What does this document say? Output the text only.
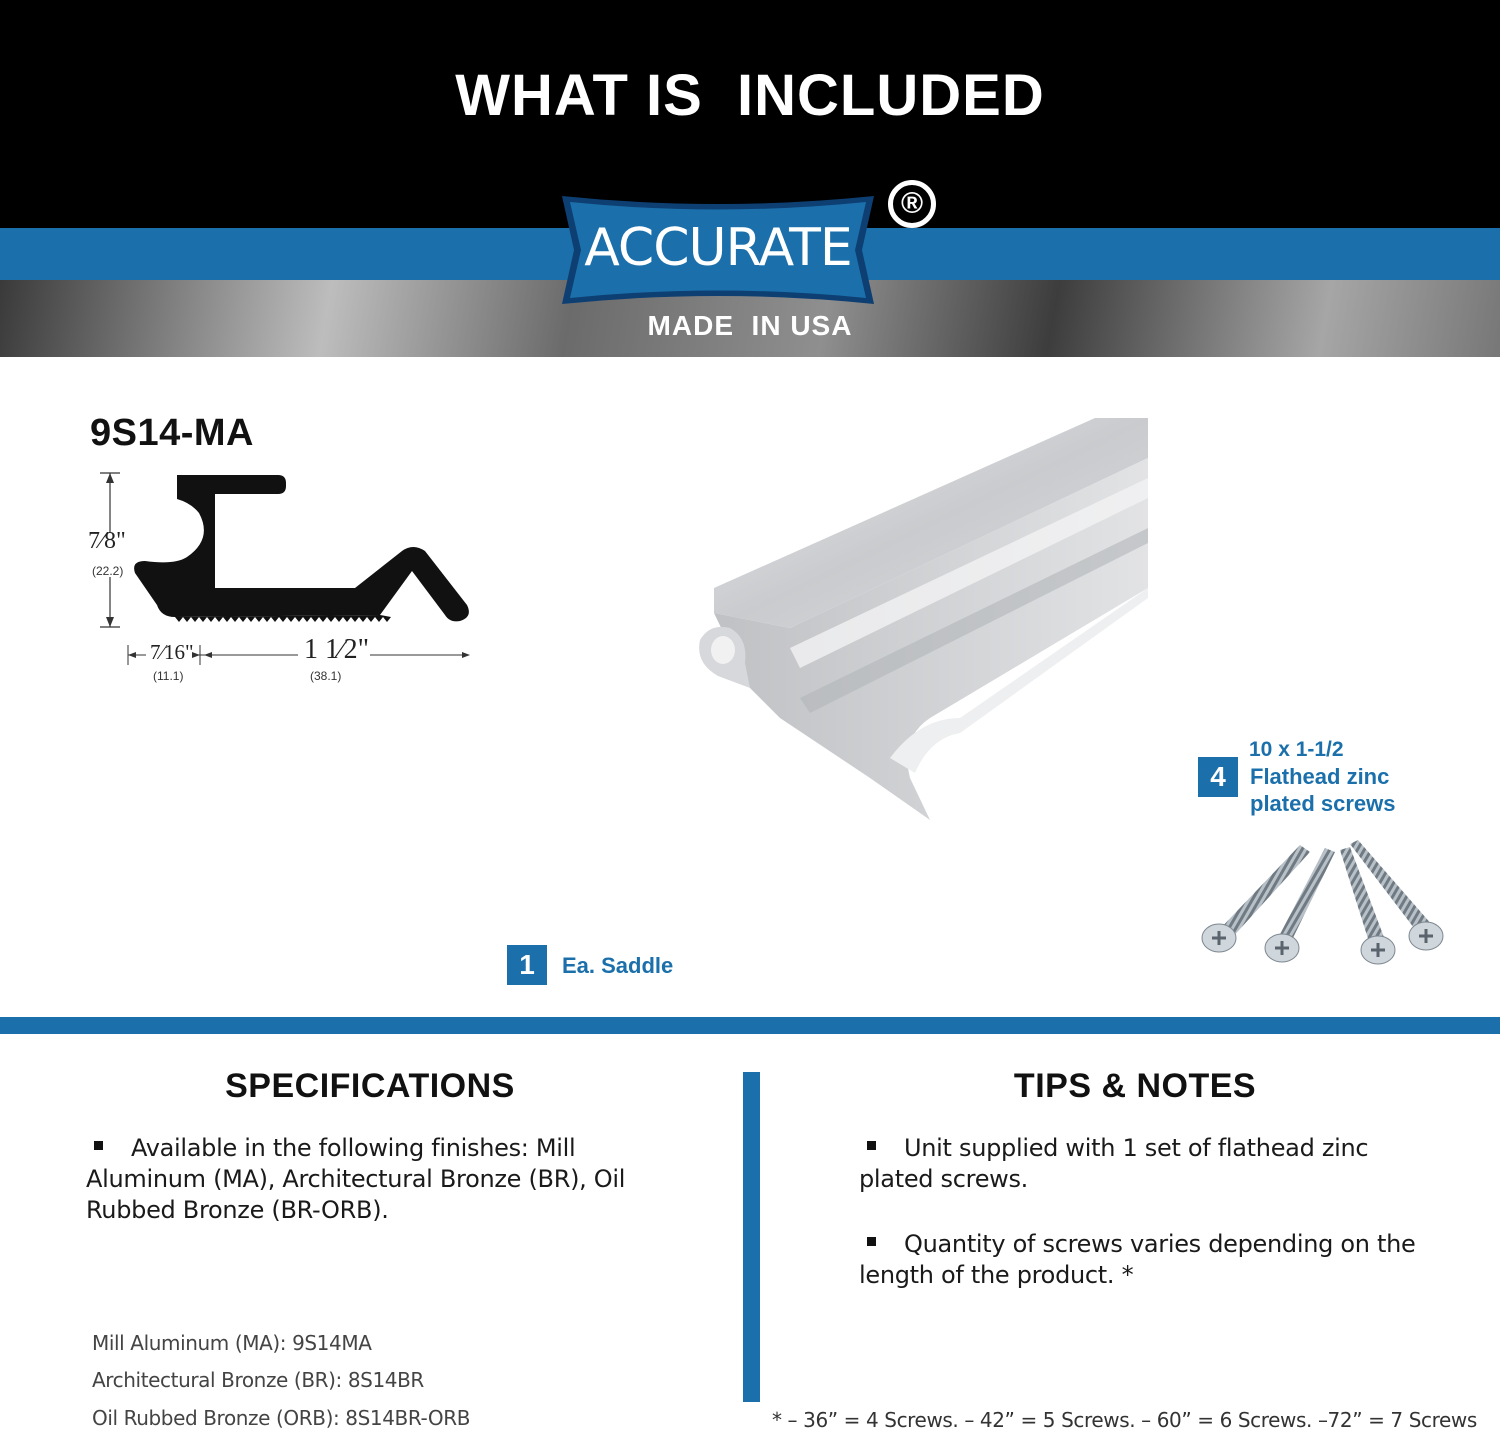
WHAT IS  INCLUDED
ACCURATE
®
MADE  IN USA
9S14-MA
7⁄8"
(22.2)
7⁄16"
(11.1)
1 1⁄2"
(38.1)
1	Ea. Saddle
4
10 x 1-1/2
Flathead zinc
plated screws
SPECIFICATIONS
Available in the following finishes: Mill
Aluminum (MA), Architectural Bronze (BR), Oil
Rubbed Bronze (BR-ORB).
Mill Aluminum (MA): 9S14MA
Architectural Bronze (BR): 8S14BR
Oil Rubbed Bronze (ORB): 8S14BR-ORB
TIPS & NOTES
Unit supplied with 1 set of flathead zinc
plated screws.
Quantity of screws varies depending on the
length of the product. *
* – 36” = 4 Screws. – 42” = 5 Screws. – 60” = 6 Screws. –72” = 7 Screws
